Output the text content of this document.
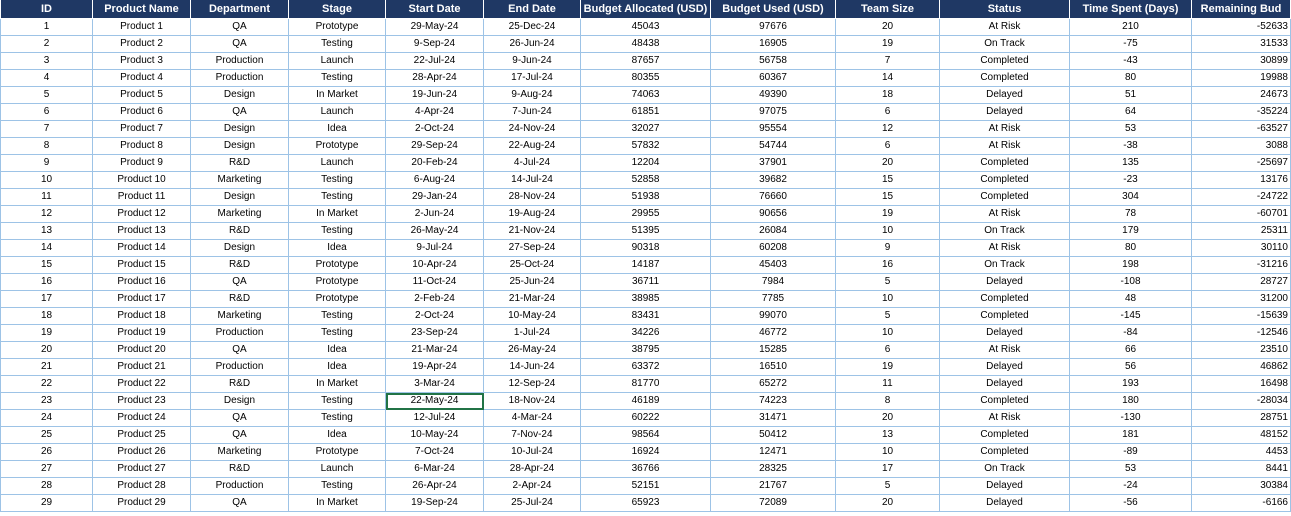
ID	Product Name	Department	Stage	Start Date	End Date	Budget Allocated (USD)	Budget Used (USD)	Team Size	Status	Time Spent (Days)	Remaining Bud
1	Product 1	QA	Prototype	29-May-24	25-Dec-24	45043	97676	20	At Risk	210	-52633
2	Product 2	QA	Testing	9-Sep-24	26-Jun-24	48438	16905	19	On Track	-75	31533
3	Product 3	Production	Launch	22-Jul-24	9-Jun-24	87657	56758	7	Completed	-43	30899
4	Product 4	Production	Testing	28-Apr-24	17-Jul-24	80355	60367	14	Completed	80	19988
5	Product 5	Design	In Market	19-Jun-24	9-Aug-24	74063	49390	18	Delayed	51	24673
6	Product 6	QA	Launch	4-Apr-24	7-Jun-24	61851	97075	6	Delayed	64	-35224
7	Product 7	Design	Idea	2-Oct-24	24-Nov-24	32027	95554	12	At Risk	53	-63527
8	Product 8	Design	Prototype	29-Sep-24	22-Aug-24	57832	54744	6	At Risk	-38	3088
9	Product 9	R&D	Launch	20-Feb-24	4-Jul-24	12204	37901	20	Completed	135	-25697
10	Product 10	Marketing	Testing	6-Aug-24	14-Jul-24	52858	39682	15	Completed	-23	13176
11	Product 11	Design	Testing	29-Jan-24	28-Nov-24	51938	76660	15	Completed	304	-24722
12	Product 12	Marketing	In Market	2-Jun-24	19-Aug-24	29955	90656	19	At Risk	78	-60701
13	Product 13	R&D	Testing	26-May-24	21-Nov-24	51395	26084	10	On Track	179	25311
14	Product 14	Design	Idea	9-Jul-24	27-Sep-24	90318	60208	9	At Risk	80	30110
15	Product 15	R&D	Prototype	10-Apr-24	25-Oct-24	14187	45403	16	On Track	198	-31216
16	Product 16	QA	Prototype	11-Oct-24	25-Jun-24	36711	7984	5	Delayed	-108	28727
17	Product 17	R&D	Prototype	2-Feb-24	21-Mar-24	38985	7785	10	Completed	48	31200
18	Product 18	Marketing	Testing	2-Oct-24	10-May-24	83431	99070	5	Completed	-145	-15639
19	Product 19	Production	Testing	23-Sep-24	1-Jul-24	34226	46772	10	Delayed	-84	-12546
20	Product 20	QA	Idea	21-Mar-24	26-May-24	38795	15285	6	At Risk	66	23510
21	Product 21	Production	Idea	19-Apr-24	14-Jun-24	63372	16510	19	Delayed	56	46862
22	Product 22	R&D	In Market	3-Mar-24	12-Sep-24	81770	65272	11	Delayed	193	16498
23	Product 23	Design	Testing	22-May-24	18-Nov-24	46189	74223	8	Completed	180	-28034
24	Product 24	QA	Testing	12-Jul-24	4-Mar-24	60222	31471	20	At Risk	-130	28751
25	Product 25	QA	Idea	10-May-24	7-Nov-24	98564	50412	13	Completed	181	48152
26	Product 26	Marketing	Prototype	7-Oct-24	10-Jul-24	16924	12471	10	Completed	-89	4453
27	Product 27	R&D	Launch	6-Mar-24	28-Apr-24	36766	28325	17	On Track	53	8441
28	Product 28	Production	Testing	26-Apr-24	2-Apr-24	52151	21767	5	Delayed	-24	30384
29	Product 29	QA	In Market	19-Sep-24	25-Jul-24	65923	72089	20	Delayed	-56	-6166
